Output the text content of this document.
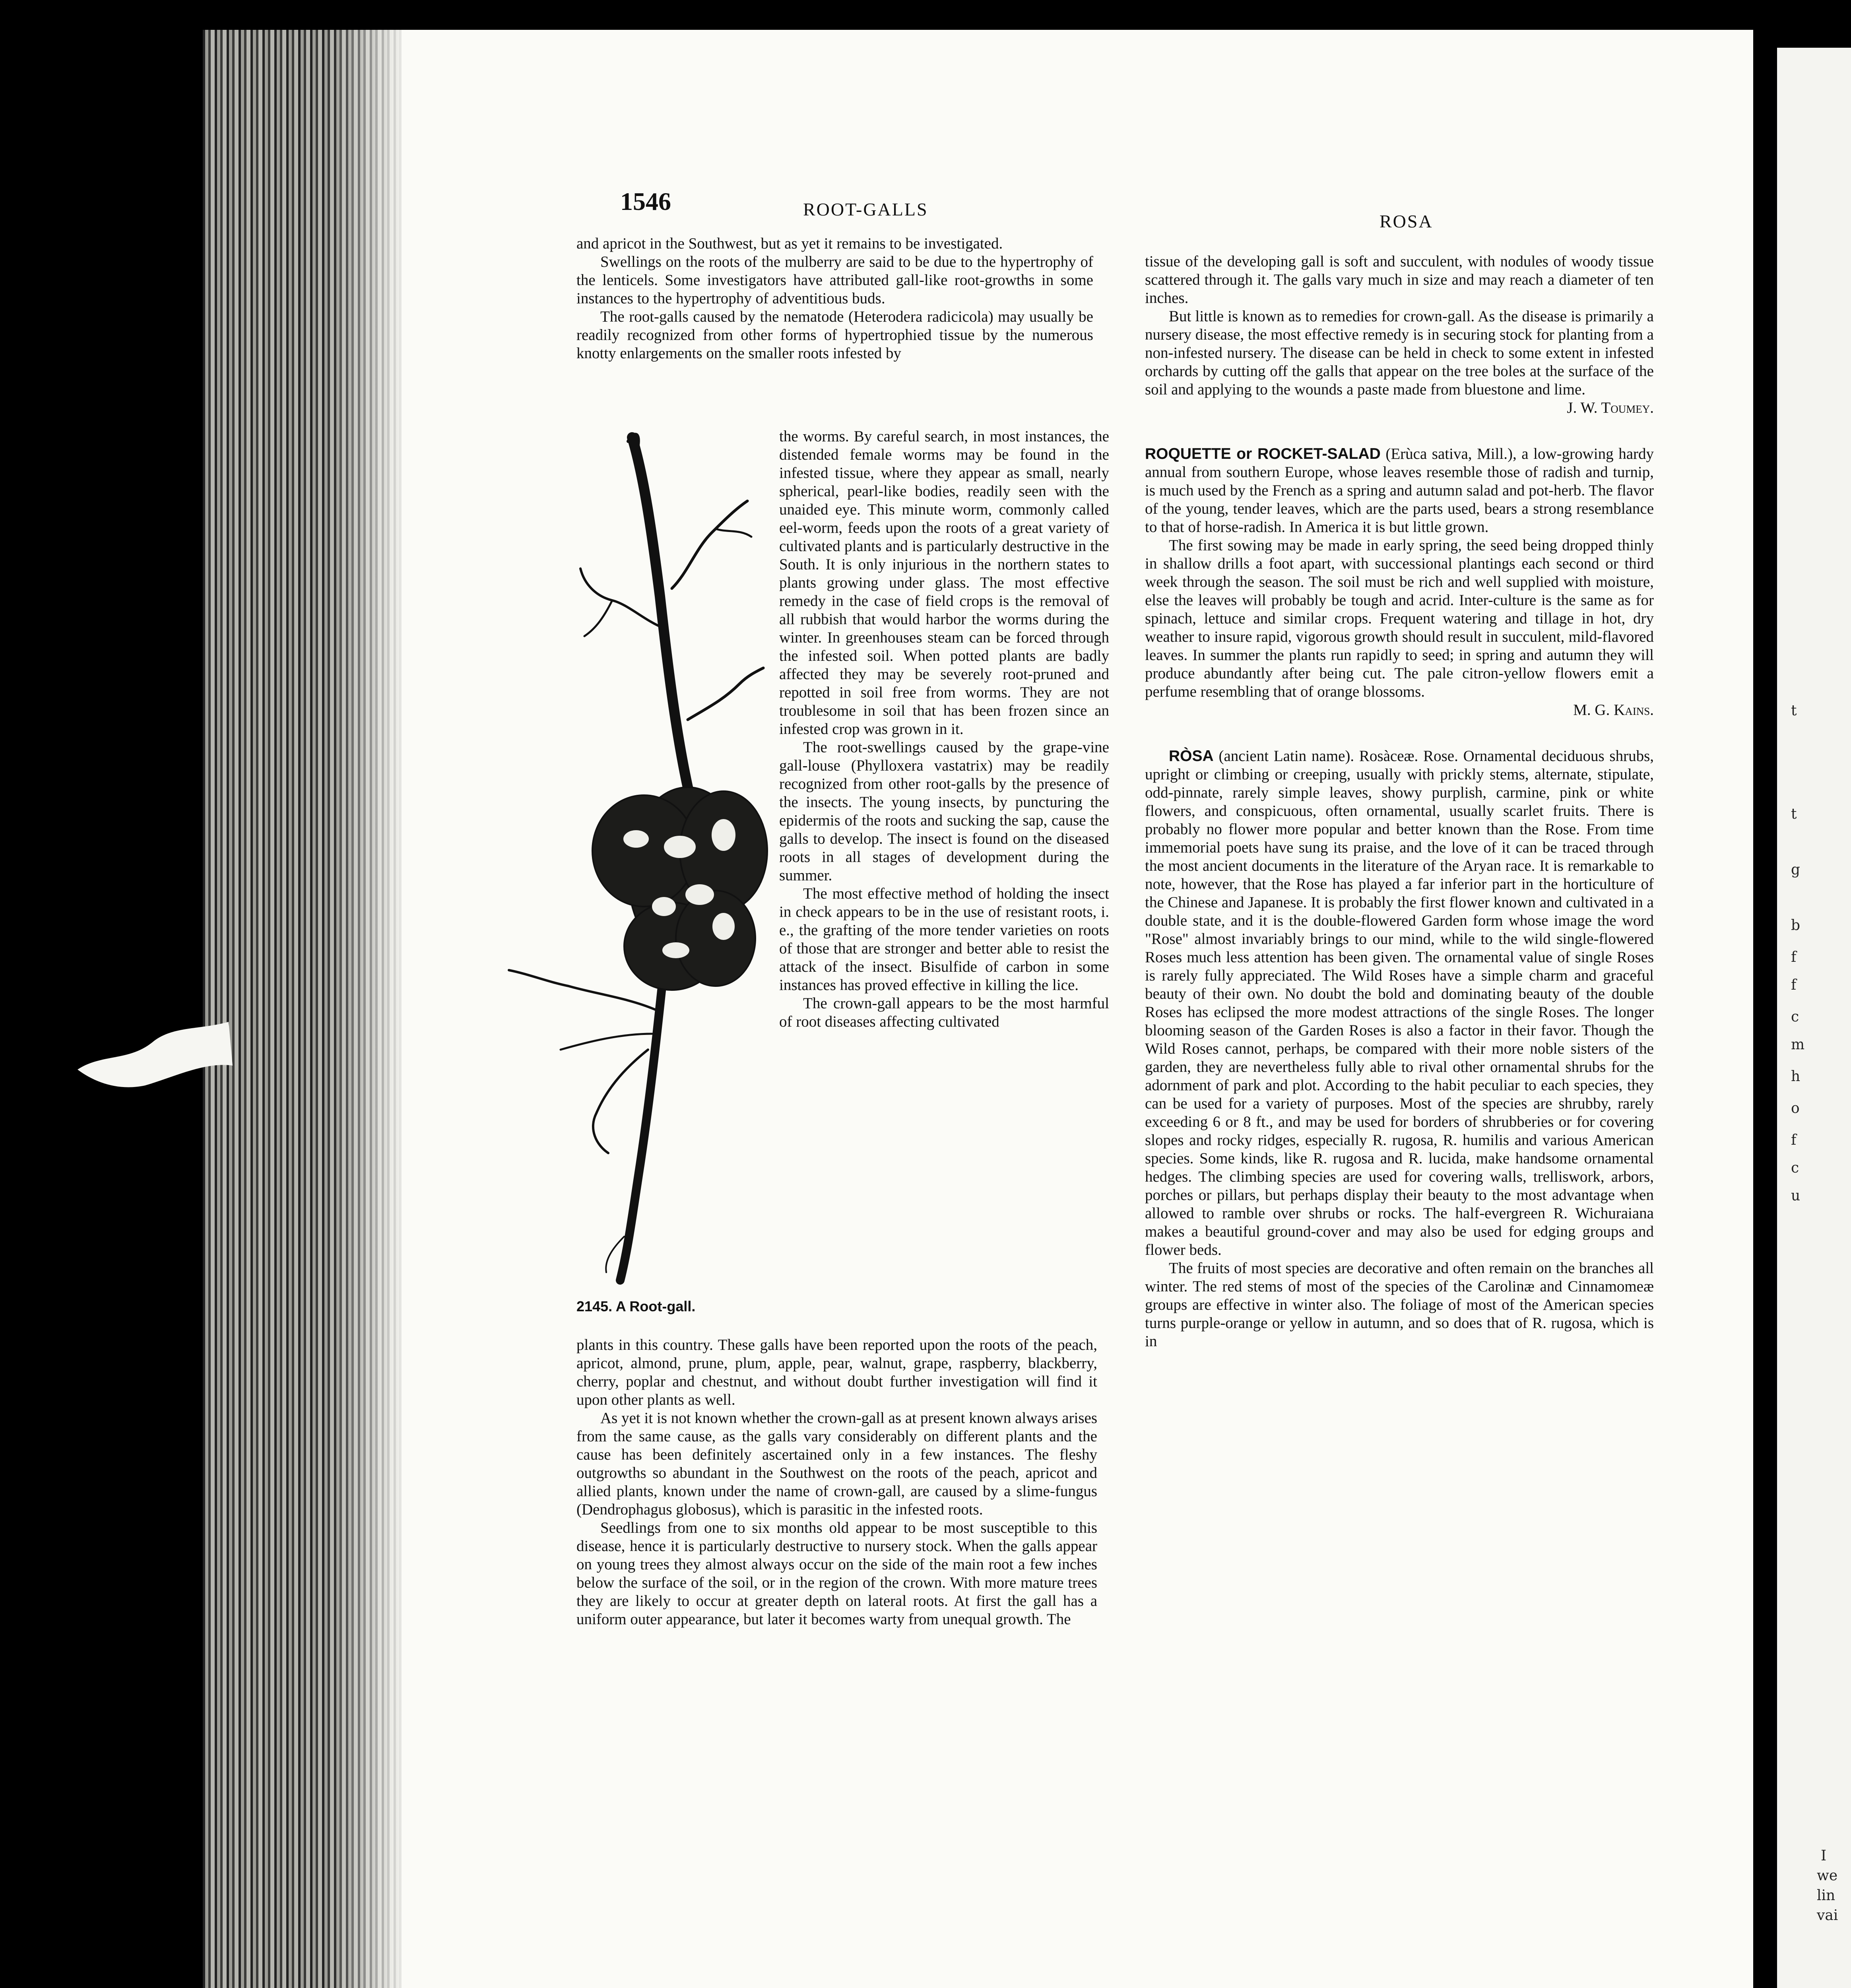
t
t
g
b
f
f
c
m
h
o
f
c
u
I
we
lin
vai
1546	ROOT-GALLS
ROSA

and apricot in the Southwest, but as yet it remains to be investigated.

Swellings on the roots of the mulberry are said to be due to the hypertrophy of the lenticels. Some investigators have attributed gall-like root-growths in some instances to the hypertrophy of adventitious buds.

The root-galls caused by the nematode (Heterodera radicicola) may usually be readily recognized from other forms of hypertrophied tissue by the numerous knotty enlargements on the smaller roots infested by

the worms. By careful search, in most instances, the distended female worms may be found in the infested tissue, where they appear as small, nearly spherical, pearl-like bodies, readily seen with the unaided eye. This minute worm, commonly called eel-worm, feeds upon the roots of a great variety of cultivated plants and is particularly destructive in the South. It is only injurious in the northern states to plants growing under glass. The most effective remedy in the case of field crops is the removal of all rubbish that would harbor the worms during the winter. In greenhouses steam can be forced through the infested soil. When potted plants are badly affected they may be severely root-pruned and repotted in soil free from worms. They are not troublesome in soil that has been frozen since an infested crop was grown in it.

The root-swellings caused by the grape-vine gall-louse (Phylloxera vastatrix) may be readily recognized from other root-galls by the presence of the insects. The young insects, by puncturing the epidermis of the roots and sucking the sap, cause the galls to develop. The insect is found on the diseased roots in all stages of development during the summer.

The most effective method of holding the insect in check appears to be in the use of resistant roots, i. e., the grafting of the more tender varieties on roots of those that are stronger and better able to resist the attack of the insect. Bisulfide of carbon in some instances has proved effective in killing the lice.

The crown-gall appears to be the most harmful of root diseases affecting cultivated

2145. A Root-gall.

plants in this country. These galls have been reported upon the roots of the peach, apricot, almond, prune, plum, apple, pear, walnut, grape, raspberry, blackberry, cherry, poplar and chestnut, and without doubt further investigation will find it upon other plants as well.

As yet it is not known whether the crown-gall as at present known always arises from the same cause, as the galls vary considerably on different plants and the cause has been definitely ascertained only in a few instances. The fleshy outgrowths so abundant in the Southwest on the roots of the peach, apricot and allied plants, known under the name of crown-gall, are caused by a slime-fungus (Dendrophagus globosus), which is parasitic in the infested roots.

Seedlings from one to six months old appear to be most susceptible to this disease, hence it is particularly destructive to nursery stock. When the galls appear on young trees they almost always occur on the side of the main root a few inches below the surface of the soil, or in the region of the crown. With more mature trees they are likely to occur at greater depth on lateral roots. At first the gall has a uniform outer appearance, but later it becomes warty from unequal growth. The

tissue of the developing gall is soft and succulent, with nodules of woody tissue scattered through it. The galls vary much in size and may reach a diameter of ten inches.

But little is known as to remedies for crown-gall. As the disease is primarily a nursery disease, the most effective remedy is in securing stock for planting from a non-infested nursery. The disease can be held in check to some extent in infested orchards by cutting off the galls that appear on the tree boles at the surface of the soil and applying to the wounds a paste made from bluestone and lime.

J. W. Toumey.

ROQUETTE or ROCKET-SALAD (Erùca sativa, Mill.), a low-growing hardy annual from southern Europe, whose leaves resemble those of radish and turnip, is much used by the French as a spring and autumn salad and pot-herb. The flavor of the young, tender leaves, which are the parts used, bears a strong resemblance to that of horse-radish. In America it is but little grown.

The first sowing may be made in early spring, the seed being dropped thinly in shallow drills a foot apart, with successional plantings each second or third week through the season. The soil must be rich and well supplied with moisture, else the leaves will probably be tough and acrid. Inter-culture is the same as for spinach, lettuce and similar crops. Frequent watering and tillage in hot, dry weather to insure rapid, vigorous growth should result in succulent, mild-flavored leaves. In summer the plants run rapidly to seed; in spring and autumn they will produce abundantly after being cut. The pale citron-yellow flowers emit a perfume resembling that of orange blossoms.

M. G. Kains.

RÒSA (ancient Latin name). Rosàceæ. Rose. Ornamental deciduous shrubs, upright or climbing or creeping, usually with prickly stems, alternate, stipulate, odd-pinnate, rarely simple leaves, showy purplish, carmine, pink or white flowers, and conspicuous, often ornamental, usually scarlet fruits. There is probably no flower more popular and better known than the Rose. From time immemorial poets have sung its praise, and the love of it can be traced through the most ancient documents in the literature of the Aryan race. It is remarkable to note, however, that the Rose has played a far inferior part in the horticulture of the Chinese and Japanese. It is probably the first flower known and cultivated in a double state, and it is the double-flowered Garden form whose image the word "Rose" almost invariably brings to our mind, while to the wild single-flowered Roses much less attention has been given. The ornamental value of single Roses is rarely fully appreciated. The Wild Roses have a simple charm and graceful beauty of their own. No doubt the bold and dominating beauty of the double Roses has eclipsed the more modest attractions of the single Roses. The longer blooming season of the Garden Roses is also a factor in their favor. Though the Wild Roses cannot, perhaps, be compared with their more noble sisters of the garden, they are nevertheless fully able to rival other ornamental shrubs for the adornment of park and plot. According to the habit peculiar to each species, they can be used for a variety of purposes. Most of the species are shrubby, rarely exceeding 6 or 8 ft., and may be used for borders of shrubberies or for covering slopes and rocky ridges, especially R. rugosa, R. humilis and various American species. Some kinds, like R. rugosa and R. lucida, make handsome ornamental hedges. The climbing species are used for covering walls, trelliswork, arbors, porches or pillars, but perhaps display their beauty to the most advantage when allowed to ramble over shrubs or rocks. The half-evergreen R. Wichuraiana makes a beautiful ground-cover and may also be used for edging groups and flower beds.

The fruits of most species are decorative and often remain on the branches all winter. The red stems of most of the species of the Carolinæ and Cinnamomeæ groups are effective in winter also. The foliage of most of the American species turns purple-orange or yellow in autumn, and so does that of R. rugosa, which is in
